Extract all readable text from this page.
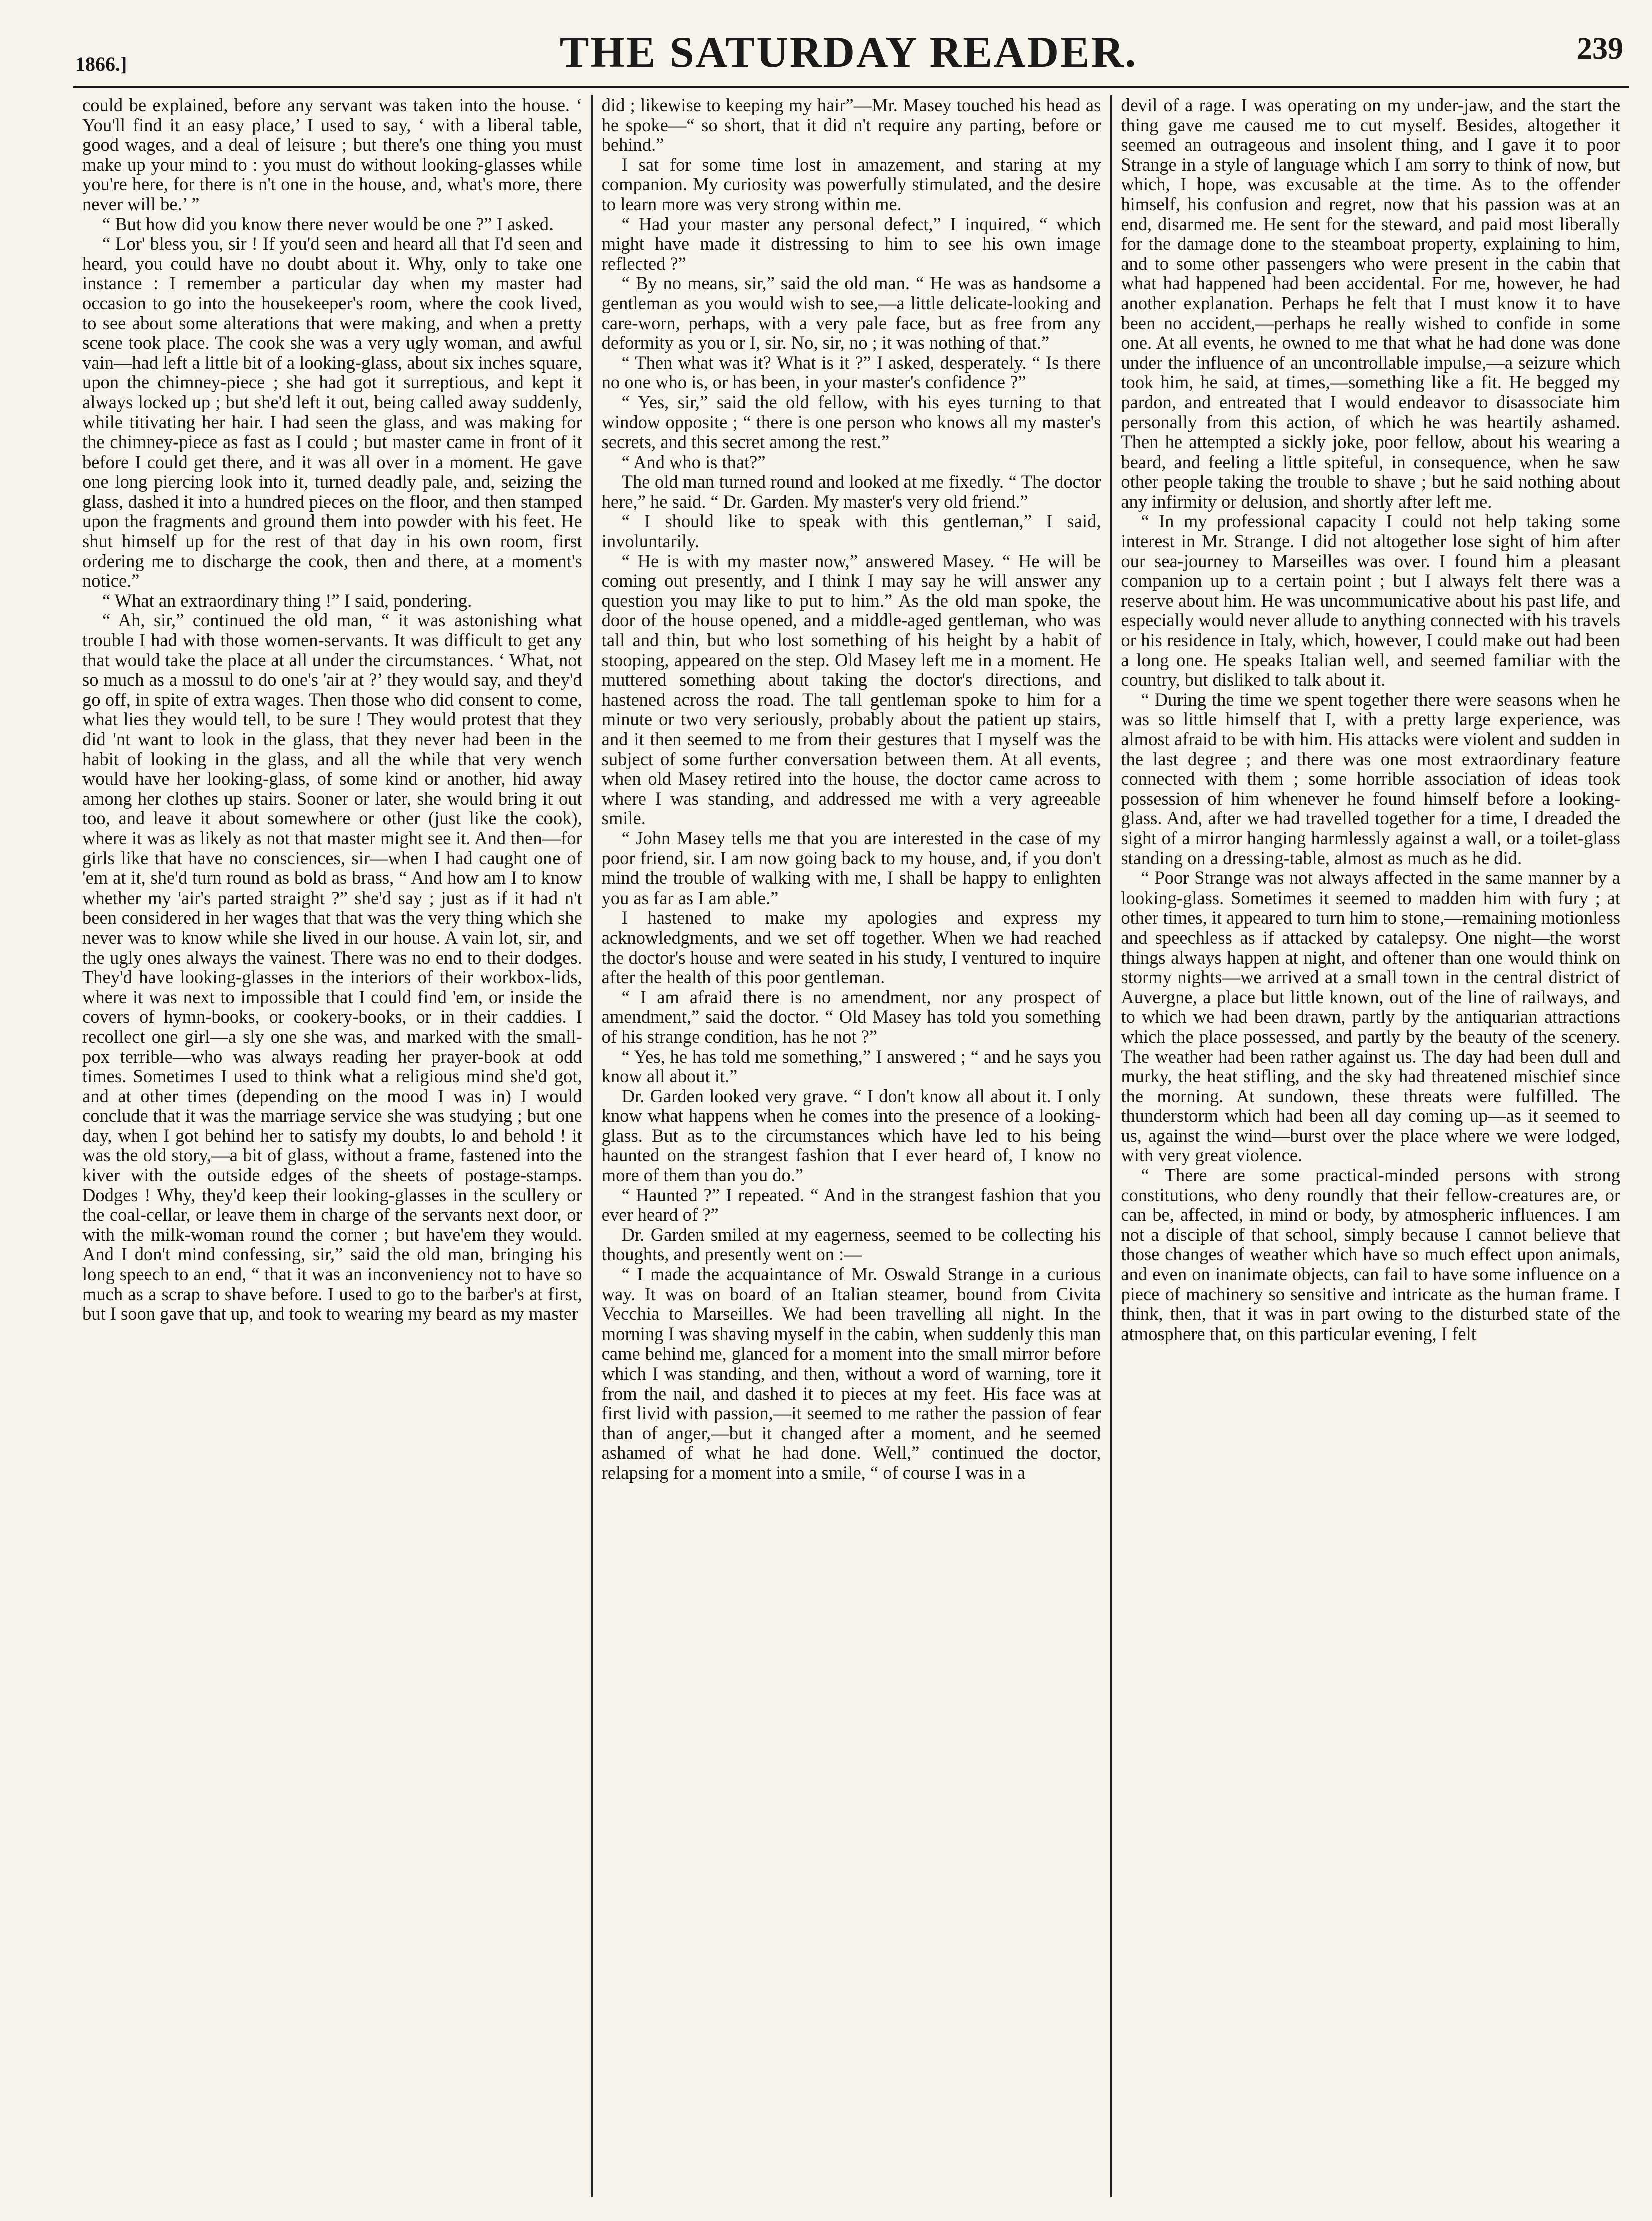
1866.]	THE SATURDAY READER.	239

could be explained, before any servant was taken into the house. ‘ You'll find it an easy place,’ I used to say, ‘ with a liberal table, good wages, and a deal of leisure ; but there's one thing you must make up your mind to : you must do without looking-glasses while you're here, for there is n't one in the house, and, what's more, there never will be.’ ”

“ But how did you know there never would be one ?” I asked.

“ Lor' bless you, sir ! If you'd seen and heard all that I'd seen and heard, you could have no doubt about it. Why, only to take one instance : I remember a particular day when my master had occasion to go into the housekeeper's room, where the cook lived, to see about some alterations that were making, and when a pretty scene took place. The cook she was a very ugly woman, and awful vain—had left a little bit of a looking-glass, about six inches square, upon the chimney-piece ; she had got it surreptious, and kept it always locked up ; but she'd left it out, being called away suddenly, while titivating her hair. I had seen the glass, and was making for the chimney-piece as fast as I could ; but master came in front of it before I could get there, and it was all over in a moment. He gave one long piercing look into it, turned deadly pale, and, seizing the glass, dashed it into a hundred pieces on the floor, and then stamped upon the fragments and ground them into powder with his feet. He shut himself up for the rest of that day in his own room, first ordering me to discharge the cook, then and there, at a moment's notice.”

“ What an extraordinary thing !” I said, pondering.

“ Ah, sir,” continued the old man, “ it was astonishing what trouble I had with those women-servants. It was difficult to get any that would take the place at all under the circumstances. ‘ What, not so much as a mossul to do one's 'air at ?’ they would say, and they'd go off, in spite of extra wages. Then those who did consent to come, what lies they would tell, to be sure ! They would protest that they did 'nt want to look in the glass, that they never had been in the habit of looking in the glass, and all the while that very wench would have her looking-glass, of some kind or another, hid away among her clothes up stairs. Sooner or later, she would bring it out too, and leave it about somewhere or other (just like the cook), where it was as likely as not that master might see it. And then—for girls like that have no consciences, sir—when I had caught one of 'em at it, she'd turn round as bold as brass, “ And how am I to know whether my 'air's parted straight ?” she'd say ; just as if it had n't been considered in her wages that that was the very thing which she never was to know while she lived in our house. A vain lot, sir, and the ugly ones always the vainest. There was no end to their dodges. They'd have looking-glasses in the interiors of their workbox-lids, where it was next to impossible that I could find 'em, or inside the covers of hymn-books, or cookery-books, or in their caddies. I recollect one girl—a sly one she was, and marked with the small-pox terrible—who was always reading her prayer-book at odd times. Sometimes I used to think what a religious mind she'd got, and at other times (depending on the mood I was in) I would conclude that it was the marriage service she was studying ; but one day, when I got behind her to satisfy my doubts, lo and behold ! it was the old story,—a bit of glass, without a frame, fastened into the kiver with the outside edges of the sheets of postage-stamps. Dodges ! Why, they'd keep their looking-glasses in the scullery or the coal-cellar, or leave them in charge of the servants next door, or with the milk-woman round the corner ; but have'em they would. And I don't mind confessing, sir,” said the old man, bringing his long speech to an end, “ that it was an inconveniency not to have so much as a scrap to shave before. I used to go to the barber's at first, but I soon gave that up, and took to wearing my beard as my master

did ; likewise to keeping my hair”—Mr. Masey touched his head as he spoke—“ so short, that it did n't require any parting, before or behind.”

I sat for some time lost in amazement, and staring at my companion. My curiosity was powerfully stimulated, and the desire to learn more was very strong within me.

“ Had your master any personal defect,” I inquired, “ which might have made it distressing to him to see his own image reflected ?”

“ By no means, sir,” said the old man. “ He was as handsome a gentleman as you would wish to see,—a little delicate-looking and care-worn, perhaps, with a very pale face, but as free from any deformity as you or I, sir. No, sir, no ; it was nothing of that.”

“ Then what was it? What is it ?” I asked, desperately. “ Is there no one who is, or has been, in your master's confidence ?”

“ Yes, sir,” said the old fellow, with his eyes turning to that window opposite ; “ there is one person who knows all my master's secrets, and this secret among the rest.”

“ And who is that?”

The old man turned round and looked at me fixedly. “ The doctor here,” he said. “ Dr. Garden. My master's very old friend.”

“ I should like to speak with this gentleman,” I said, involuntarily.

“ He is with my master now,” answered Masey. “ He will be coming out presently, and I think I may say he will answer any question you may like to put to him.” As the old man spoke, the door of the house opened, and a middle-aged gentleman, who was tall and thin, but who lost something of his height by a habit of stooping, appeared on the step. Old Masey left me in a moment. He muttered something about taking the doctor's directions, and hastened across the road. The tall gentleman spoke to him for a minute or two very seriously, probably about the patient up stairs, and it then seemed to me from their gestures that I myself was the subject of some further conversation between them. At all events, when old Masey retired into the house, the doctor came across to where I was standing, and addressed me with a very agreeable smile.

“ John Masey tells me that you are interested in the case of my poor friend, sir. I am now going back to my house, and, if you don't mind the trouble of walking with me, I shall be happy to enlighten you as far as I am able.”

I hastened to make my apologies and express my acknowledgments, and we set off together. When we had reached the doctor's house and were seated in his study, I ventured to inquire after the health of this poor gentleman.

“ I am afraid there is no amendment, nor any prospect of amendment,” said the doctor. “ Old Masey has told you something of his strange condition, has he not ?”

“ Yes, he has told me something,” I answered ; “ and he says you know all about it.”

Dr. Garden looked very grave. “ I don't know all about it. I only know what happens when he comes into the presence of a looking-glass. But as to the circumstances which have led to his being haunted on the strangest fashion that I ever heard of, I know no more of them than you do.”

“ Haunted ?” I repeated. “ And in the strangest fashion that you ever heard of ?”

Dr. Garden smiled at my eagerness, seemed to be collecting his thoughts, and presently went on :—

“ I made the acquaintance of Mr. Oswald Strange in a curious way. It was on board of an Italian steamer, bound from Civita Vecchia to Marseilles. We had been travelling all night. In the morning I was shaving myself in the cabin, when suddenly this man came behind me, glanced for a moment into the small mirror before which I was standing, and then, without a word of warning, tore it from the nail, and dashed it to pieces at my feet. His face was at first livid with passion,—it seemed to me rather the passion of fear than of anger,—but it changed after a moment, and he seemed ashamed of what he had done. Well,” continued the doctor, relapsing for a moment into a smile, “ of course I was in a

devil of a rage. I was operating on my under-jaw, and the start the thing gave me caused me to cut myself. Besides, altogether it seemed an outrageous and insolent thing, and I gave it to poor Strange in a style of language which I am sorry to think of now, but which, I hope, was excusable at the time. As to the offender himself, his confusion and regret, now that his passion was at an end, disarmed me. He sent for the steward, and paid most liberally for the damage done to the steamboat property, explaining to him, and to some other passengers who were present in the cabin that what had happened had been accidental. For me, however, he had another explanation. Perhaps he felt that I must know it to have been no accident,—perhaps he really wished to confide in some one. At all events, he owned to me that what he had done was done under the influence of an uncontrollable impulse,—a seizure which took him, he said, at times,—something like a fit. He begged my pardon, and entreated that I would endeavor to disassociate him personally from this action, of which he was heartily ashamed. Then he attempted a sickly joke, poor fellow, about his wearing a beard, and feeling a little spiteful, in consequence, when he saw other people taking the trouble to shave ; but he said nothing about any infirmity or delusion, and shortly after left me.

“ In my professional capacity I could not help taking some interest in Mr. Strange. I did not altogether lose sight of him after our sea-journey to Marseilles was over. I found him a pleasant companion up to a certain point ; but I always felt there was a reserve about him. He was uncommunicative about his past life, and especially would never allude to anything connected with his travels or his residence in Italy, which, however, I could make out had been a long one. He speaks Italian well, and seemed familiar with the country, but disliked to talk about it.

“ During the time we spent together there were seasons when he was so little himself that I, with a pretty large experience, was almost afraid to be with him. His attacks were violent and sudden in the last degree ; and there was one most extraordinary feature connected with them ; some horrible association of ideas took possession of him whenever he found himself before a looking-glass. And, after we had travelled together for a time, I dreaded the sight of a mirror hanging harmlessly against a wall, or a toilet-glass standing on a dressing-table, almost as much as he did.

“ Poor Strange was not always affected in the same manner by a looking-glass. Sometimes it seemed to madden him with fury ; at other times, it appeared to turn him to stone,—remaining motionless and speechless as if attacked by catalepsy. One night—the worst things always happen at night, and oftener than one would think on stormy nights—we arrived at a small town in the central district of Auvergne, a place but little known, out of the line of railways, and to which we had been drawn, partly by the antiquarian attractions which the place possessed, and partly by the beauty of the scenery. The weather had been rather against us. The day had been dull and murky, the heat stifling, and the sky had threatened mischief since the morning. At sundown, these threats were fulfilled. The thunderstorm which had been all day coming up—as it seemed to us, against the wind—burst over the place where we were lodged, with very great violence.

“ There are some practical-minded persons with strong constitutions, who deny roundly that their fellow-creatures are, or can be, affected, in mind or body, by atmospheric influences. I am not a disciple of that school, simply because I cannot believe that those changes of weather which have so much effect upon animals, and even on inanimate objects, can fail to have some influence on a piece of machinery so sensitive and intricate as the human frame. I think, then, that it was in part owing to the disturbed state of the atmosphere that, on this particular evening, I felt
